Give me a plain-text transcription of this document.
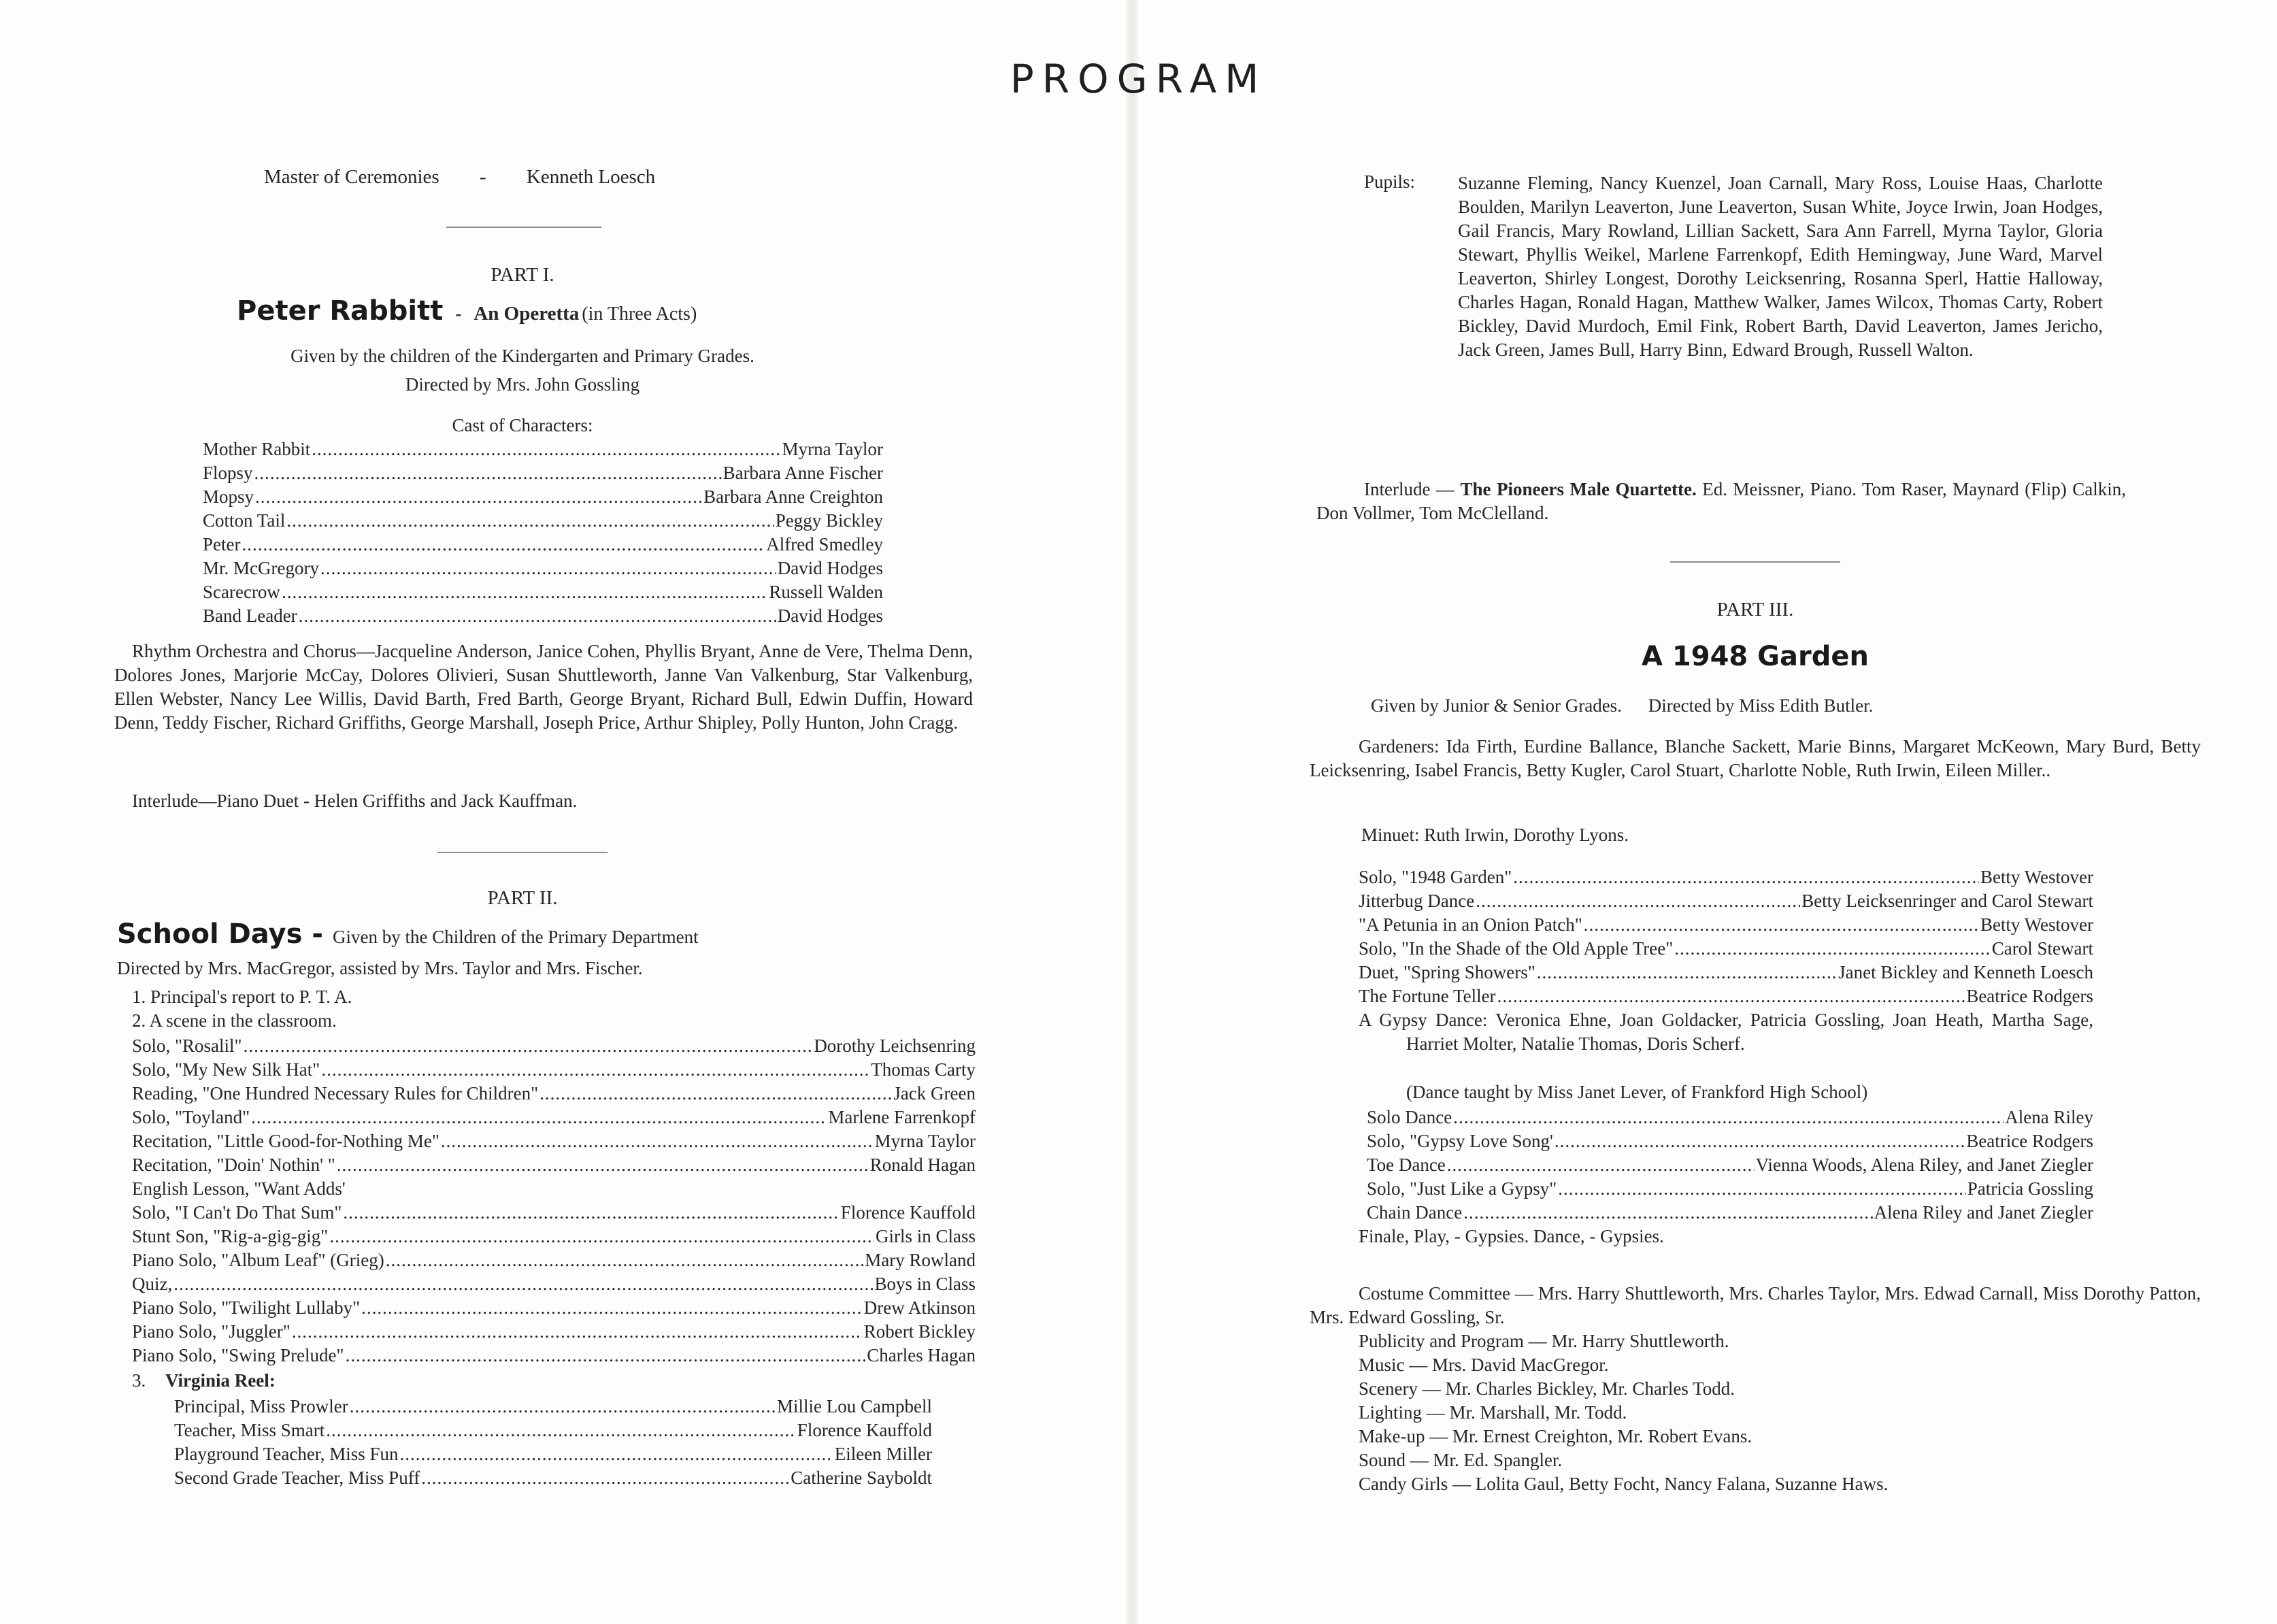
PROGRAM
Master of Ceremonies - Kenneth Loesch
PART I.
Peter Rabbitt - An Operetta (in Three Acts)
Given by the children of the Kindergarten and Primary Grades.
Directed by Mrs. John Gossling
Cast of Characters:
Mother Rabbit .....	Myrna Taylor
Flopsy .....	Barbara Anne Fischer
Mopsy .....	Barbara Anne Creighton
Cotton Tail .....	Peggy Bickley
Peter .....	Alfred Smedley
Mr. McGregory .....	David Hodges
Scarecrow .....	Russell Walden
Band Leader .....	David Hodges
Rhythm Orchestra and Chorus—Jacqueline Anderson, Janice Cohen, Phyllis Bryant, Anne de Vere, Thelma Denn, Dolores Jones, Marjorie McCay, Dolores Olivieri, Susan Shuttleworth, Janne Van Valkenburg, Star Valkenburg, Ellen Webster, Nancy Lee Willis, David Barth, Fred Barth, George Bryant, Richard Bull, Edwin Duffin, Howard Denn, Teddy Fischer, Richard Griffiths, George Marshall, Joseph Price, Arthur Shipley, Polly Hunton, John Cragg.
Interlude—Piano Duet - Helen Griffiths and Jack Kauffman.
PART II.
School Days - Given by the Children of the Primary Department
Directed by Mrs. MacGregor, assisted by Mrs. Taylor and Mrs. Fischer.
1. Principal's report to P. T. A.
2. A scene in the classroom.
Solo, "Rosalil" .....	Dorothy Leichsenring
Solo, "My New Silk Hat" .....	Thomas Carty
Reading, "One Hundred Necessary Rules for Children" .....	Jack Green
Solo, "Toyland" .....	Marlene Farrenkopf
Recitation, "Little Good-for-Nothing Me" .....	Myrna Taylor
Recitation, "Doin' Nothin' " .....	Ronald Hagan
English Lesson, "Want Adds'
Solo, "I Can't Do That Sum" .....	Florence Kauffold
Stunt Son, "Rig-a-gig-gig" .....	Girls in Class
Piano Solo, "Album Leaf" (Grieg) .....	Mary Rowland
Quiz, .....	Boys in Class
Piano Solo, "Twilight Lullaby" .....	Drew Atkinson
Piano Solo, "Juggler" .....	Robert Bickley
Piano Solo, "Swing Prelude" .....	Charles Hagan
3. Virginia Reel:
Principal, Miss Prowler .....	Millie Lou Campbell
Teacher, Miss Smart .....	Florence Kauffold
Playground Teacher, Miss Fun .....	Eileen Miller
Second Grade Teacher, Miss Puff .....	Catherine Sayboldt
Pupils: Suzanne Fleming, Nancy Kuenzel, Joan Carnall, Mary Ross, Louise Haas, Charlotte Boulden, Marilyn Leaverton, June Leaverton, Susan White, Joyce Irwin, Joan Hodges, Gail Francis, Mary Rowland, Lillian Sackett, Sara Ann Farrell, Myrna Taylor, Gloria Stewart, Phyllis Weikel, Marlene Farrenkopf, Edith Hemingway, June Ward, Marvel Leaverton, Shirley Longest, Dorothy Leicksenring, Rosanna Sperl, Hattie Halloway, Charles Hagan, Ronald Hagan, Matthew Walker, James Wilcox, Thomas Carty, Robert Bickley, David Murdoch, Emil Fink, Robert Barth, David Leaverton, James Jericho, Jack Green, James Bull, Harry Binn, Edward Brough, Russell Walton.
Interlude — The Pioneers Male Quartette. Ed. Meissner, Piano. Tom Raser, Maynard (Flip) Calkin, Don Vollmer, Tom McClelland.
PART III.
A 1948 Garden
Given by Junior & Senior Grades. Directed by Miss Edith Butler.
Gardeners: Ida Firth, Eurdine Ballance, Blanche Sackett, Marie Binns, Margaret McKeown, Mary Burd, Betty Leicksenring, Isabel Francis, Betty Kugler, Carol Stuart, Charlotte Noble, Ruth Irwin, Eileen Miller..
Minuet: Ruth Irwin, Dorothy Lyons.
Solo, "1948 Garden" .....	Betty Westover
Jitterbug Dance .....	Betty Leicksenringer and Carol Stewart
"A Petunia in an Onion Patch" .....	Betty Westover
Solo, "In the Shade of the Old Apple Tree" .....	Carol Stewart
Duet, "Spring Showers" .....	Janet Bickley and Kenneth Loesch
The Fortune Teller .....	Beatrice Rodgers
A Gypsy Dance: Veronica Ehne, Joan Goldacker, Patricia Gossling, Joan Heath, Martha Sage, Harriet Molter, Natalie Thomas, Doris Scherf.
(Dance taught by Miss Janet Lever, of Frankford High School)
Solo Dance .....	Alena Riley
Solo, "Gypsy Love Song' .....	Beatrice Rodgers
Toe Dance .....	Vienna Woods, Alena Riley, and Janet Ziegler
Solo, "Just Like a Gypsy" .....	Patricia Gossling
Chain Dance .....	Alena Riley and Janet Ziegler
Finale, Play, - Gypsies. Dance, - Gypsies.
Costume Committee — Mrs. Harry Shuttleworth, Mrs. Charles Taylor, Mrs. Edwad Carnall, Miss Dorothy Patton, Mrs. Edward Gossling, Sr.
Publicity and Program — Mr. Harry Shuttleworth.
Music — Mrs. David MacGregor.
Scenery — Mr. Charles Bickley, Mr. Charles Todd.
Lighting — Mr. Marshall, Mr. Todd.
Make-up — Mr. Ernest Creighton, Mr. Robert Evans.
Sound — Mr. Ed. Spangler.
Candy Girls — Lolita Gaul, Betty Focht, Nancy Falana, Suzanne Haws.
